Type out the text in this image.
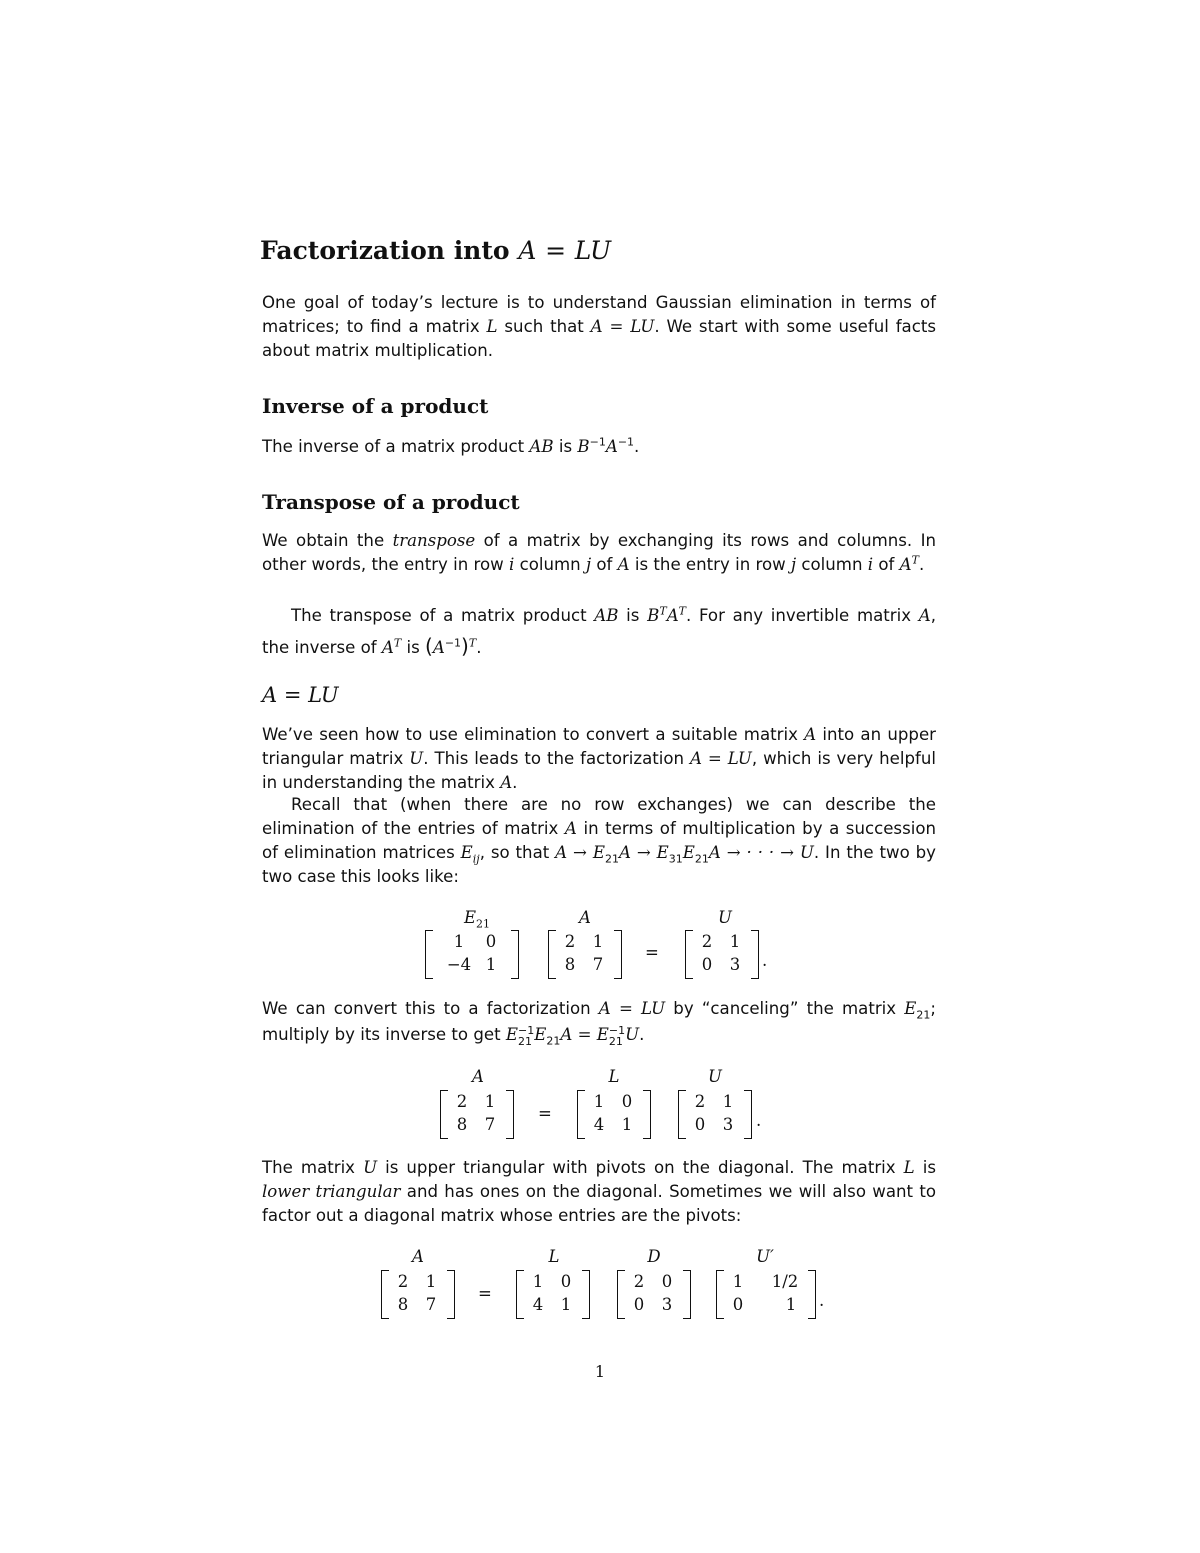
Factorization into A = LU

One goal of today’s lecture is to understand Gaussian elimination in terms of matrices; to find a matrix L such that A = LU. We start with some useful facts about matrix multiplication.

Inverse of a product

The inverse of a matrix product AB is $B^{-1}A^{-1}$.

Transpose of a product

We obtain the transpose of a matrix by exchanging its rows and columns. In other words, the entry in row i column j of A is the entry in row j column i of $A^T$.

The transpose of a matrix product AB is $B^TA^T$. For any invertible matrix A, the inverse of $A^T$ is $(A^{-1})^T$.

A = LU

We’ve seen how to use elimination to convert a suitable matrix A into an upper triangular matrix U. This leads to the factorization A = LU, which is very helpful in understanding the matrix A.

Recall that (when there are no row exchanges) we can describe the elimination of the entries of matrix A in terms of multiplication by a succession of elimination matrices $E_{ij}$, so that $A \to E_{21}A \to E_{31}E_{21}A$ → · · · → U. In the two by two case this looks like:

$E_{21}$	A	U
1	0
−4 1
2	1
8	7
=
2	1
0	3	.

We can convert this to a factorization A = LU by “canceling” the matrix $E_{21}$; multiply by its inverse to get E −1
21 $E_{21}A = E -1$
21 U.

A	L	U
2	1
8	7
=
1	0
4	1
2	1
0	3	.

The matrix U is upper triangular with pivots on the diagonal. The matrix L is lower triangular and has ones on the diagonal. Sometimes we will also want to factor out a diagonal matrix whose entries are the pivots:

A	L	D	U′
2	1
8	7
=
1	0
4	1
2	0
0	3
1	1/2
0	1	.
1
